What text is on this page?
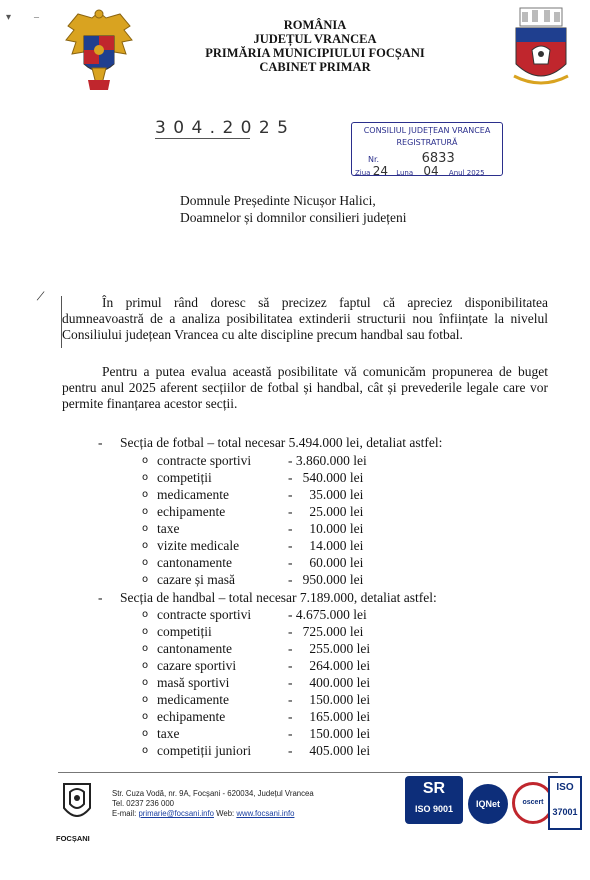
▾ –
ROMÂNIA
JUDEȚUL VRANCEA
PRIMĂRIA MUNICIPIULUI FOCȘANI
CABINET PRIMAR
3 0 4 . 2 0 2 5	CONSILIUL JUDEȚEAN VRANCEA
REGISTRATURĂ
Nr.	6833
Ziua 24 Luna 04 Anul 2025
Domnule Președinte Nicușor Halici,
Doamnelor și domnilor consilieri județeni
/	În primul rând doresc să precizez faptul că apreciez disponibilitatea dumneavoastră de a analiza posibilitatea extinderii structurii nou înființate la nivelul Consiliului județean Vrancea cu alte discipline precum handbal sau fotbal.
Pentru a putea evalua această posibilitate vă comunicăm propunerea de buget pentru anul 2025 aferent secțiilor de fotbal și handbal, cât și prevederile legale care vor permite finanțarea acestor secții.
- Secția de fotbal – total necesar 5.494.000 lei, detaliat astfel:
o contracte sportivi	- 3.860.000 lei
o competiții	-   540.000 lei
o medicamente	-     35.000 lei
o echipamente	-     25.000 lei
o taxe	-     10.000 lei
o vizite medicale	-     14.000 lei
o cantonamente	-     60.000 lei
o cazare și masă	-   950.000 lei
- Secția de handbal – total necesar 7.189.000, detaliat astfel:
o contracte sportivi	- 4.675.000 lei
o competiții	-   725.000 lei
o cantonamente	-     255.000 lei
o cazare sportivi	-     264.000 lei
o masă sportivi	-     400.000 lei
o medicamente	-     150.000 lei
o echipamente	-     165.000 lei
o taxe	-     150.000 lei
o competiții juniori	-     405.000 lei
FOCȘANI
Str. Cuza Vodă, nr. 9A, Focșani - 620034, Județul Vrancea
Tel. 0237 236 000
E-mail: primarie@focsani.info Web: www.focsani.info
SR
ISO 9001	IQNet	oscert
ISO
37001
